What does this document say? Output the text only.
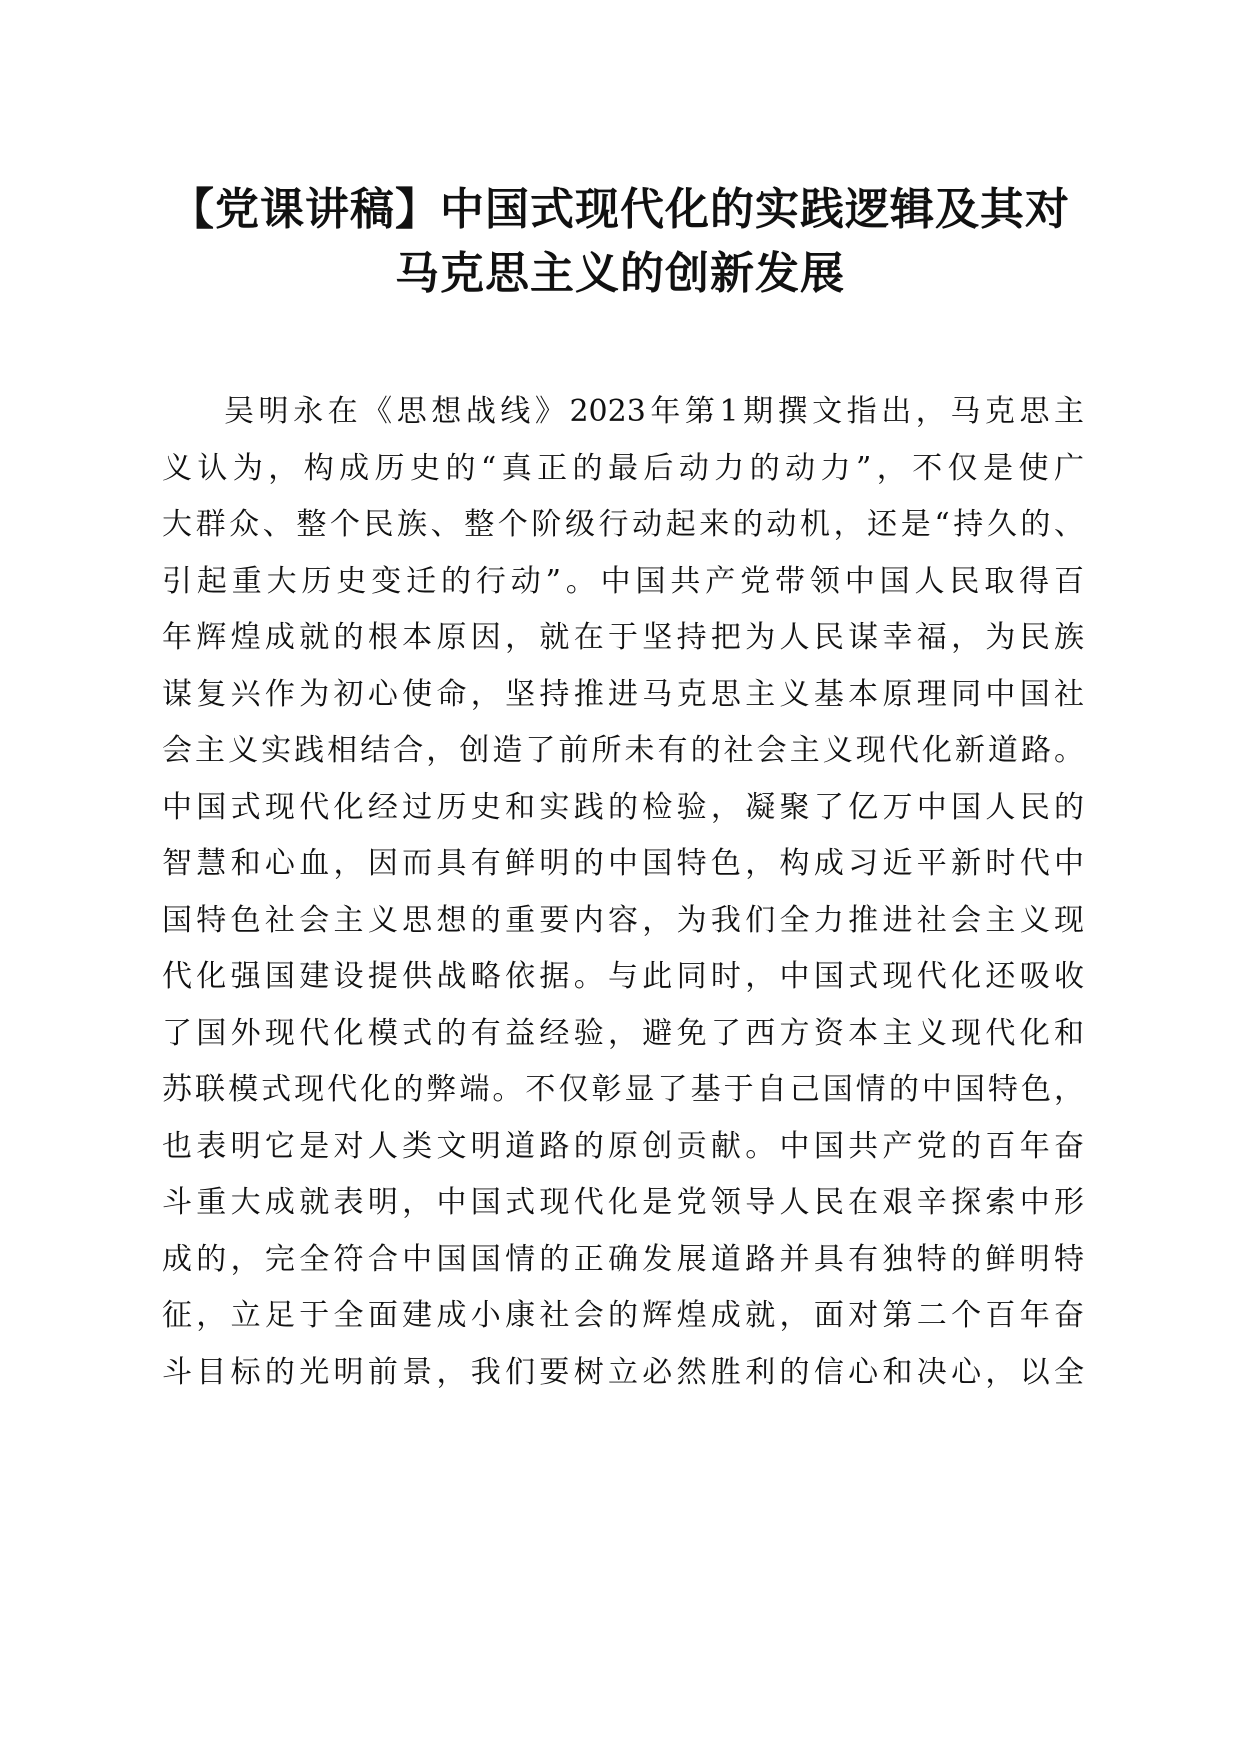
【党课讲稿】中国式现代化的实践逻辑及其对
马克思主义的创新发展
吴明永在《思想战线》2023年第1期撰文指出，马克思主
义认为，构成历史的“真正的最后动力的动力”，不仅是使广
大群众、整个民族、整个阶级行动起来的动机，还是“持久的、
引起重大历史变迁的行动”。中国共产党带领中国人民取得百
年辉煌成就的根本原因，就在于坚持把为人民谋幸福，为民族
谋复兴作为初心使命，坚持推进马克思主义基本原理同中国社
会主义实践相结合，创造了前所未有的社会主义现代化新道路。
中国式现代化经过历史和实践的检验，凝聚了亿万中国人民的
智慧和心血，因而具有鲜明的中国特色，构成习近平新时代中
国特色社会主义思想的重要内容，为我们全力推进社会主义现
代化强国建设提供战略依据。与此同时，中国式现代化还吸收
了国外现代化模式的有益经验，避免了西方资本主义现代化和
苏联模式现代化的弊端。不仅彰显了基于自己国情的中国特色，
也表明它是对人类文明道路的原创贡献。中国共产党的百年奋
斗重大成就表明，中国式现代化是党领导人民在艰辛探索中形
成的，完全符合中国国情的正确发展道路并具有独特的鲜明特
征，立足于全面建成小康社会的辉煌成就，面对第二个百年奋
斗目标的光明前景，我们要树立必然胜利的信心和决心，以全
